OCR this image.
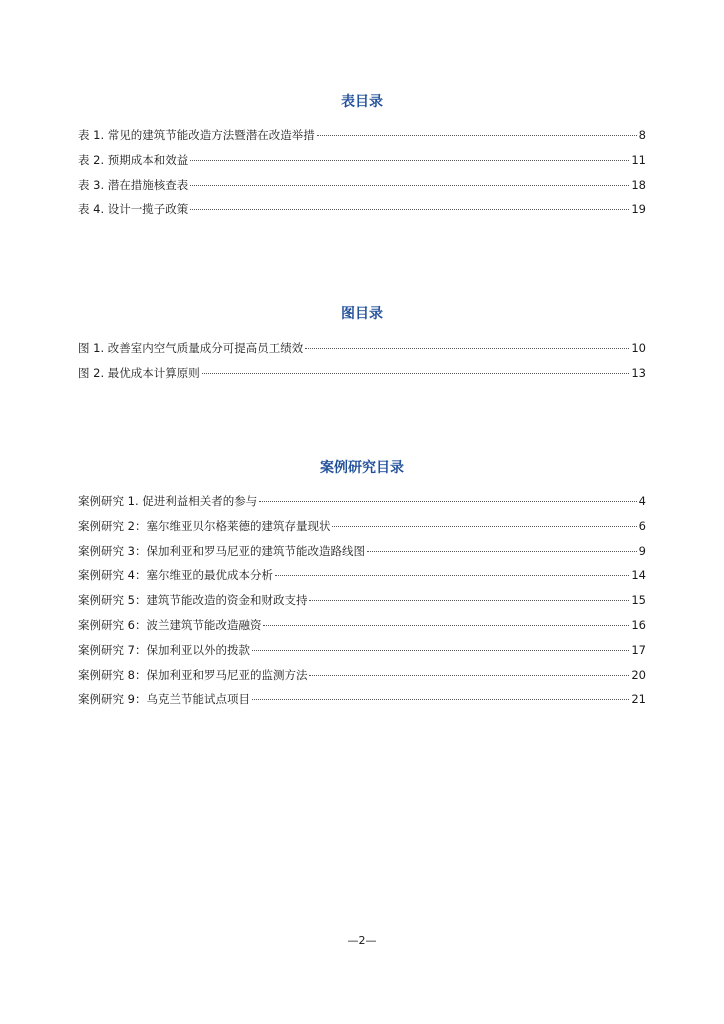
表目录
表 1. 常见的建筑节能改造方法暨潜在改造举措	8
表 2. 预期成本和效益	11
表 3. 潜在措施核查表	18
表 4. 设计一揽子政策	19
图目录
图 1. 改善室内空气质量成分可提高员工绩效	10
图 2. 最优成本计算原则	13
案例研究目录
案例研究 1. 促进利益相关者的参与	4
案例研究 2：塞尔维亚贝尔格莱德的建筑存量现状	6
案例研究 3：保加利亚和罗马尼亚的建筑节能改造路线图	9
案例研究 4：塞尔维亚的最优成本分析	14
案例研究 5：建筑节能改造的资金和财政支持	15
案例研究 6：波兰建筑节能改造融资	16
案例研究 7：保加利亚以外的拨款	17
案例研究 8：保加利亚和罗马尼亚的监测方法	20
案例研究 9：乌克兰节能试点项目	21
—2—
